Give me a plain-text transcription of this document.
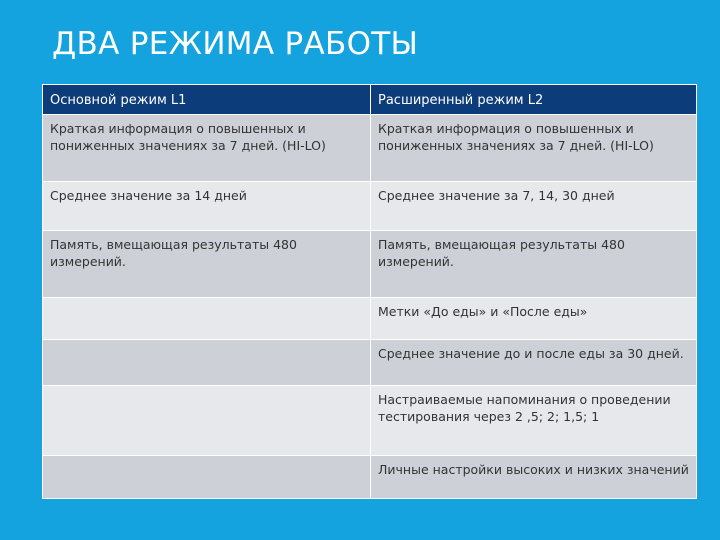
ДВА РЕЖИМА РАБОТЫ
Основной режим L1	Расширенный режим L2
Краткая информация о повышенных и пониженных значениях за 7 дней. (HI-LO)	Краткая информация о повышенных и пониженных значениях за 7 дней. (HI-LO)
Среднее значение за 14 дней	Среднее значение за 7, 14, 30 дней
Память, вмещающая результаты 480 измерений.	Память, вмещающая результаты 480 измерений.
	Метки «До еды» и «После еды»
	Среднее значение до и после еды за 30 дней.
	Настраиваемые напоминания о проведении тестирования через 2 ,5; 2; 1,5; 1
	Личные настройки высоких и низких значений
